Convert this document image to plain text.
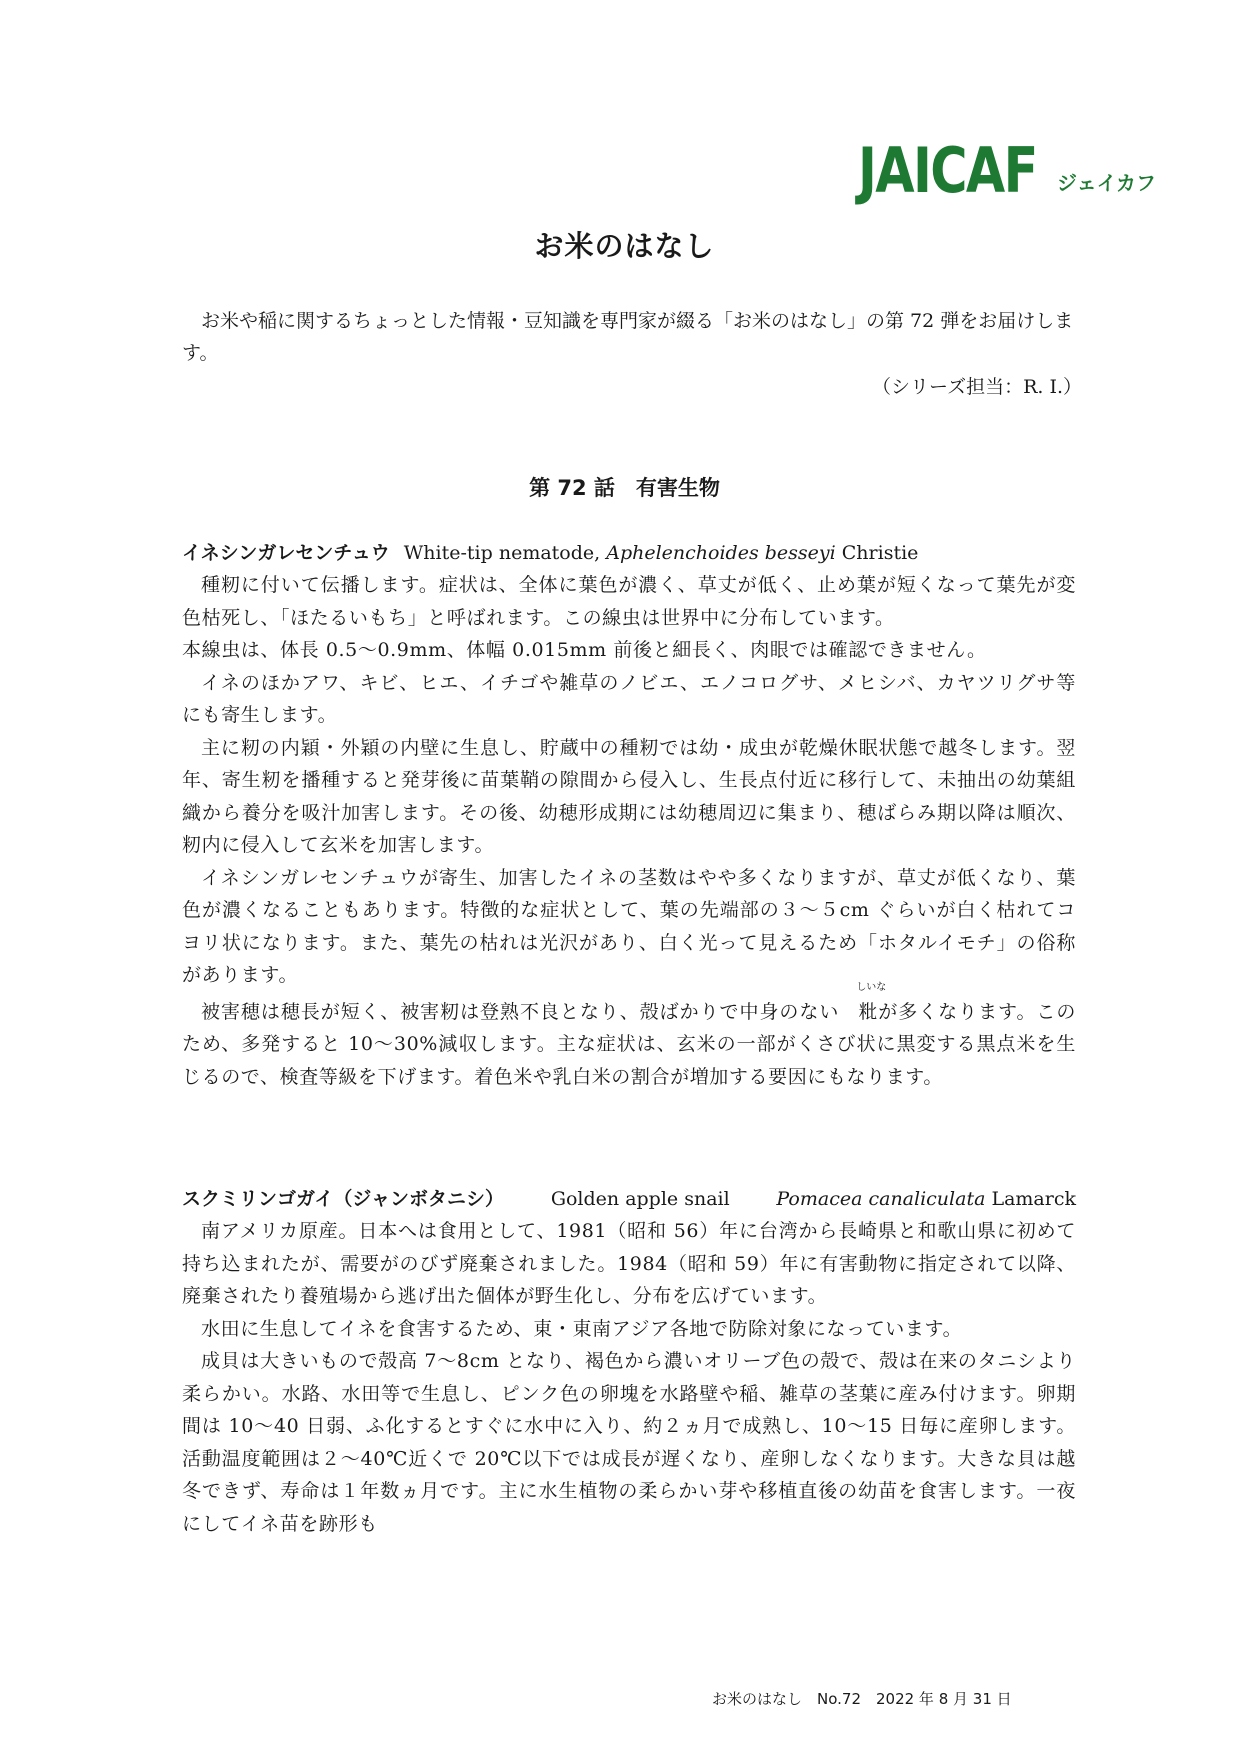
JAICAF ジェイカフ
お米のはなし

お米や稲に関するちょっとした情報・豆知識を専門家が綴る「お米のはなし」の第 72 弾をお届けします。

（シリーズ担当：R. I.）
第 72 話　有害生物
イネシンガレセンチュウ White-tip nematode, Aphelenchoides besseyi Christie

種籾に付いて伝播します。症状は、全体に葉色が濃く、草丈が低く、止め葉が短くなって葉先が変色枯死し、「ほたるいもち」と呼ばれます。この線虫は世界中に分布しています。

本線虫は、体長 0.5～0.9mm、体幅 0.015mm 前後と細長く、肉眼では確認できません。

イネのほかアワ、キビ、ヒエ、イチゴや雑草のノビエ、エノコログサ、メヒシバ、カヤツリグサ等にも寄生します。

主に籾の内穎・外穎の内壁に生息し、貯蔵中の種籾では幼・成虫が乾燥休眠状態で越冬します。翌年、寄生籾を播種すると発芽後に苗葉鞘の隙間から侵入し、生長点付近に移行して、未抽出の幼葉組織から養分を吸汁加害します。その後、幼穂形成期には幼穂周辺に集まり、穂ばらみ期以降は順次、籾内に侵入して玄米を加害します。

イネシンガレセンチュウが寄生、加害したイネの茎数はやや多くなりますが、草丈が低くなり、葉色が濃くなることもあります。特徴的な症状として、葉の先端部の３～５cm ぐらいが白く枯れてコヨリ状になります。また、葉先の枯れは光沢があり、白く光って見えるため「ホタルイモチ」の俗称があります。

被害穂は穂長が短く、被害籾は登熟不良となり、殻ばかりで中身のない
しいな
粃が多くなります。このため、多発すると 10～30%減収します。主な症状は、玄米の一部がくさび状に黒変する黒点米を生じるので、検査等級を下げます。着色米や乳白米の割合が増加する要因にもなります。

スクミリンゴガイ（ジャンボタニシ） Golden apple snail Pomacea canaliculata Lamarck

南アメリカ原産。日本へは食用として、1981（昭和 56）年に台湾から長崎県と和歌山県に初めて持ち込まれたが、需要がのびず廃棄されました。1984（昭和 59）年に有害動物に指定されて以降、廃棄されたり養殖場から逃げ出た個体が野生化し、分布を広げています。

水田に生息してイネを食害するため、東・東南アジア各地で防除対象になっています。

成貝は大きいもので殻高 7～8cm となり、褐色から濃いオリーブ色の殻で、殻は在来のタニシより柔らかい。水路、水田等で生息し、ピンク色の卵塊を水路壁や稲、雑草の茎葉に産み付けます。卵期間は 10～40 日弱、ふ化するとすぐに水中に入り、約２ヵ月で成熟し、10～15 日毎に産卵します。活動温度範囲は２～40℃近くで 20℃以下では成長が遅くなり、産卵しなくなります。大きな貝は越冬できず、寿命は１年数ヵ月です。主に水生植物の柔らかい芽や移植直後の幼苗を食害します。一夜にしてイネ苗を跡形も

お米のはなし　No.72　2022 年 8 月 31 日
